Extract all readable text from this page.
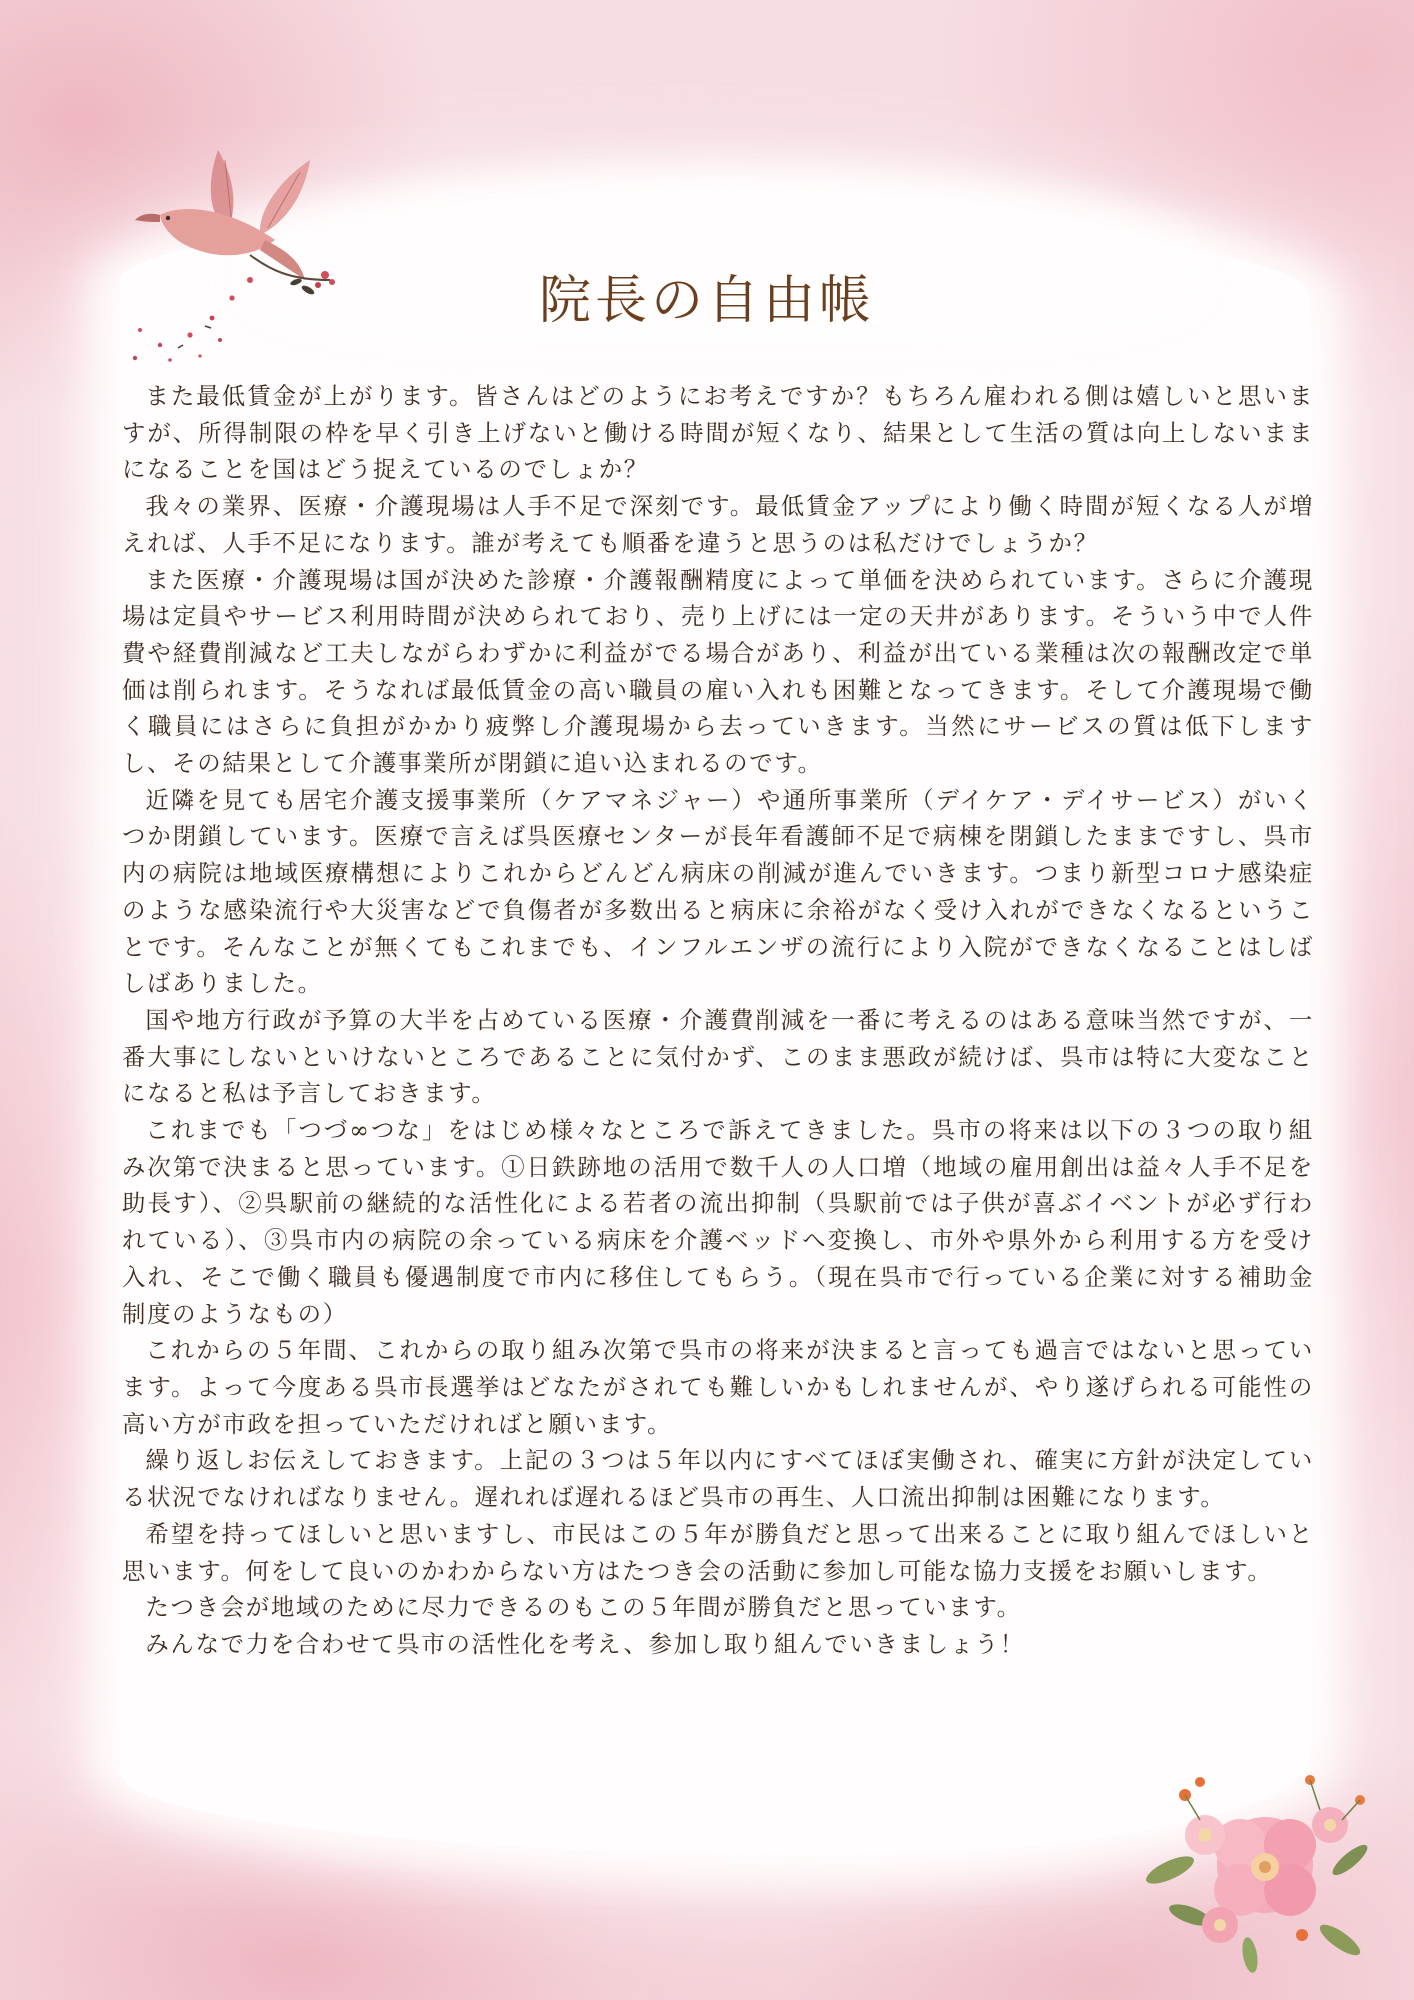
院長の自由帳

また最低賃金が上がります。皆さんはどのようにお考えですか？もちろん雇われる側は嬉しいと思いますが、所得制限の枠を早く引き上げないと働ける時間が短くなり、結果として生活の質は向上しないままになることを国はどう捉えているのでしょか？

我々の業界、医療・介護現場は人手不足で深刻です。最低賃金アップにより働く時間が短くなる人が増えれば、人手不足になります。誰が考えても順番を違うと思うのは私だけでしょうか？

また医療・介護現場は国が決めた診療・介護報酬精度によって単価を決められています。さらに介護現場は定員やサービス利用時間が決められており、売り上げには一定の天井があります。そういう中で人件費や経費削減など工夫しながらわずかに利益がでる場合があり、利益が出ている業種は次の報酬改定で単価は削られます。そうなれば最低賃金の高い職員の雇い入れも困難となってきます。そして介護現場で働く職員にはさらに負担がかかり疲弊し介護現場から去っていきます。当然にサービスの質は低下しますし、その結果として介護事業所が閉鎖に追い込まれるのです。

近隣を見ても居宅介護支援事業所（ケアマネジャー）や通所事業所（デイケア・デイサービス）がいくつか閉鎖しています。医療で言えば呉医療センターが長年看護師不足で病棟を閉鎖したままですし、呉市内の病院は地域医療構想によりこれからどんどん病床の削減が進んでいきます。つまり新型コロナ感染症のような感染流行や大災害などで負傷者が多数出ると病床に余裕がなく受け入れができなくなるということです。そんなことが無くてもこれまでも、インフルエンザの流行により入院ができなくなることはしばしばありました。

国や地方行政が予算の大半を占めている医療・介護費削減を一番に考えるのはある意味当然ですが、一番大事にしないといけないところであることに気付かず、このまま悪政が続けば、呉市は特に大変なことになると私は予言しておきます。

これまでも「つづ∞つな」をはじめ様々なところで訴えてきました。呉市の将来は以下の３つの取り組み次第で決まると思っています。①日鉄跡地の活用で数千人の人口増（地域の雇用創出は益々人手不足を助長す）、②呉駅前の継続的な活性化による若者の流出抑制（呉駅前では子供が喜ぶイベントが必ず行われている）、③呉市内の病院の余っている病床を介護ベッドへ変換し、市外や県外から利用する方を受け入れ、そこで働く職員も優遇制度で市内に移住してもらう。（現在呉市で行っている企業に対する補助金制度のようなもの）

これからの５年間、これからの取り組み次第で呉市の将来が決まると言っても過言ではないと思っています。よって今度ある呉市長選挙はどなたがされても難しいかもしれませんが、やり遂げられる可能性の高い方が市政を担っていただければと願います。

繰り返しお伝えしておきます。上記の３つは５年以内にすべてほぼ実働され、確実に方針が決定している状況でなければなりません。遅れれば遅れるほど呉市の再生、人口流出抑制は困難になります。

希望を持ってほしいと思いますし、市民はこの５年が勝負だと思って出来ることに取り組んでほしいと思います。何をして良いのかわからない方はたつき会の活動に参加し可能な協力支援をお願いします。

たつき会が地域のために尽力できるのもこの５年間が勝負だと思っています。

みんなで力を合わせて呉市の活性化を考え、参加し取り組んでいきましょう！
